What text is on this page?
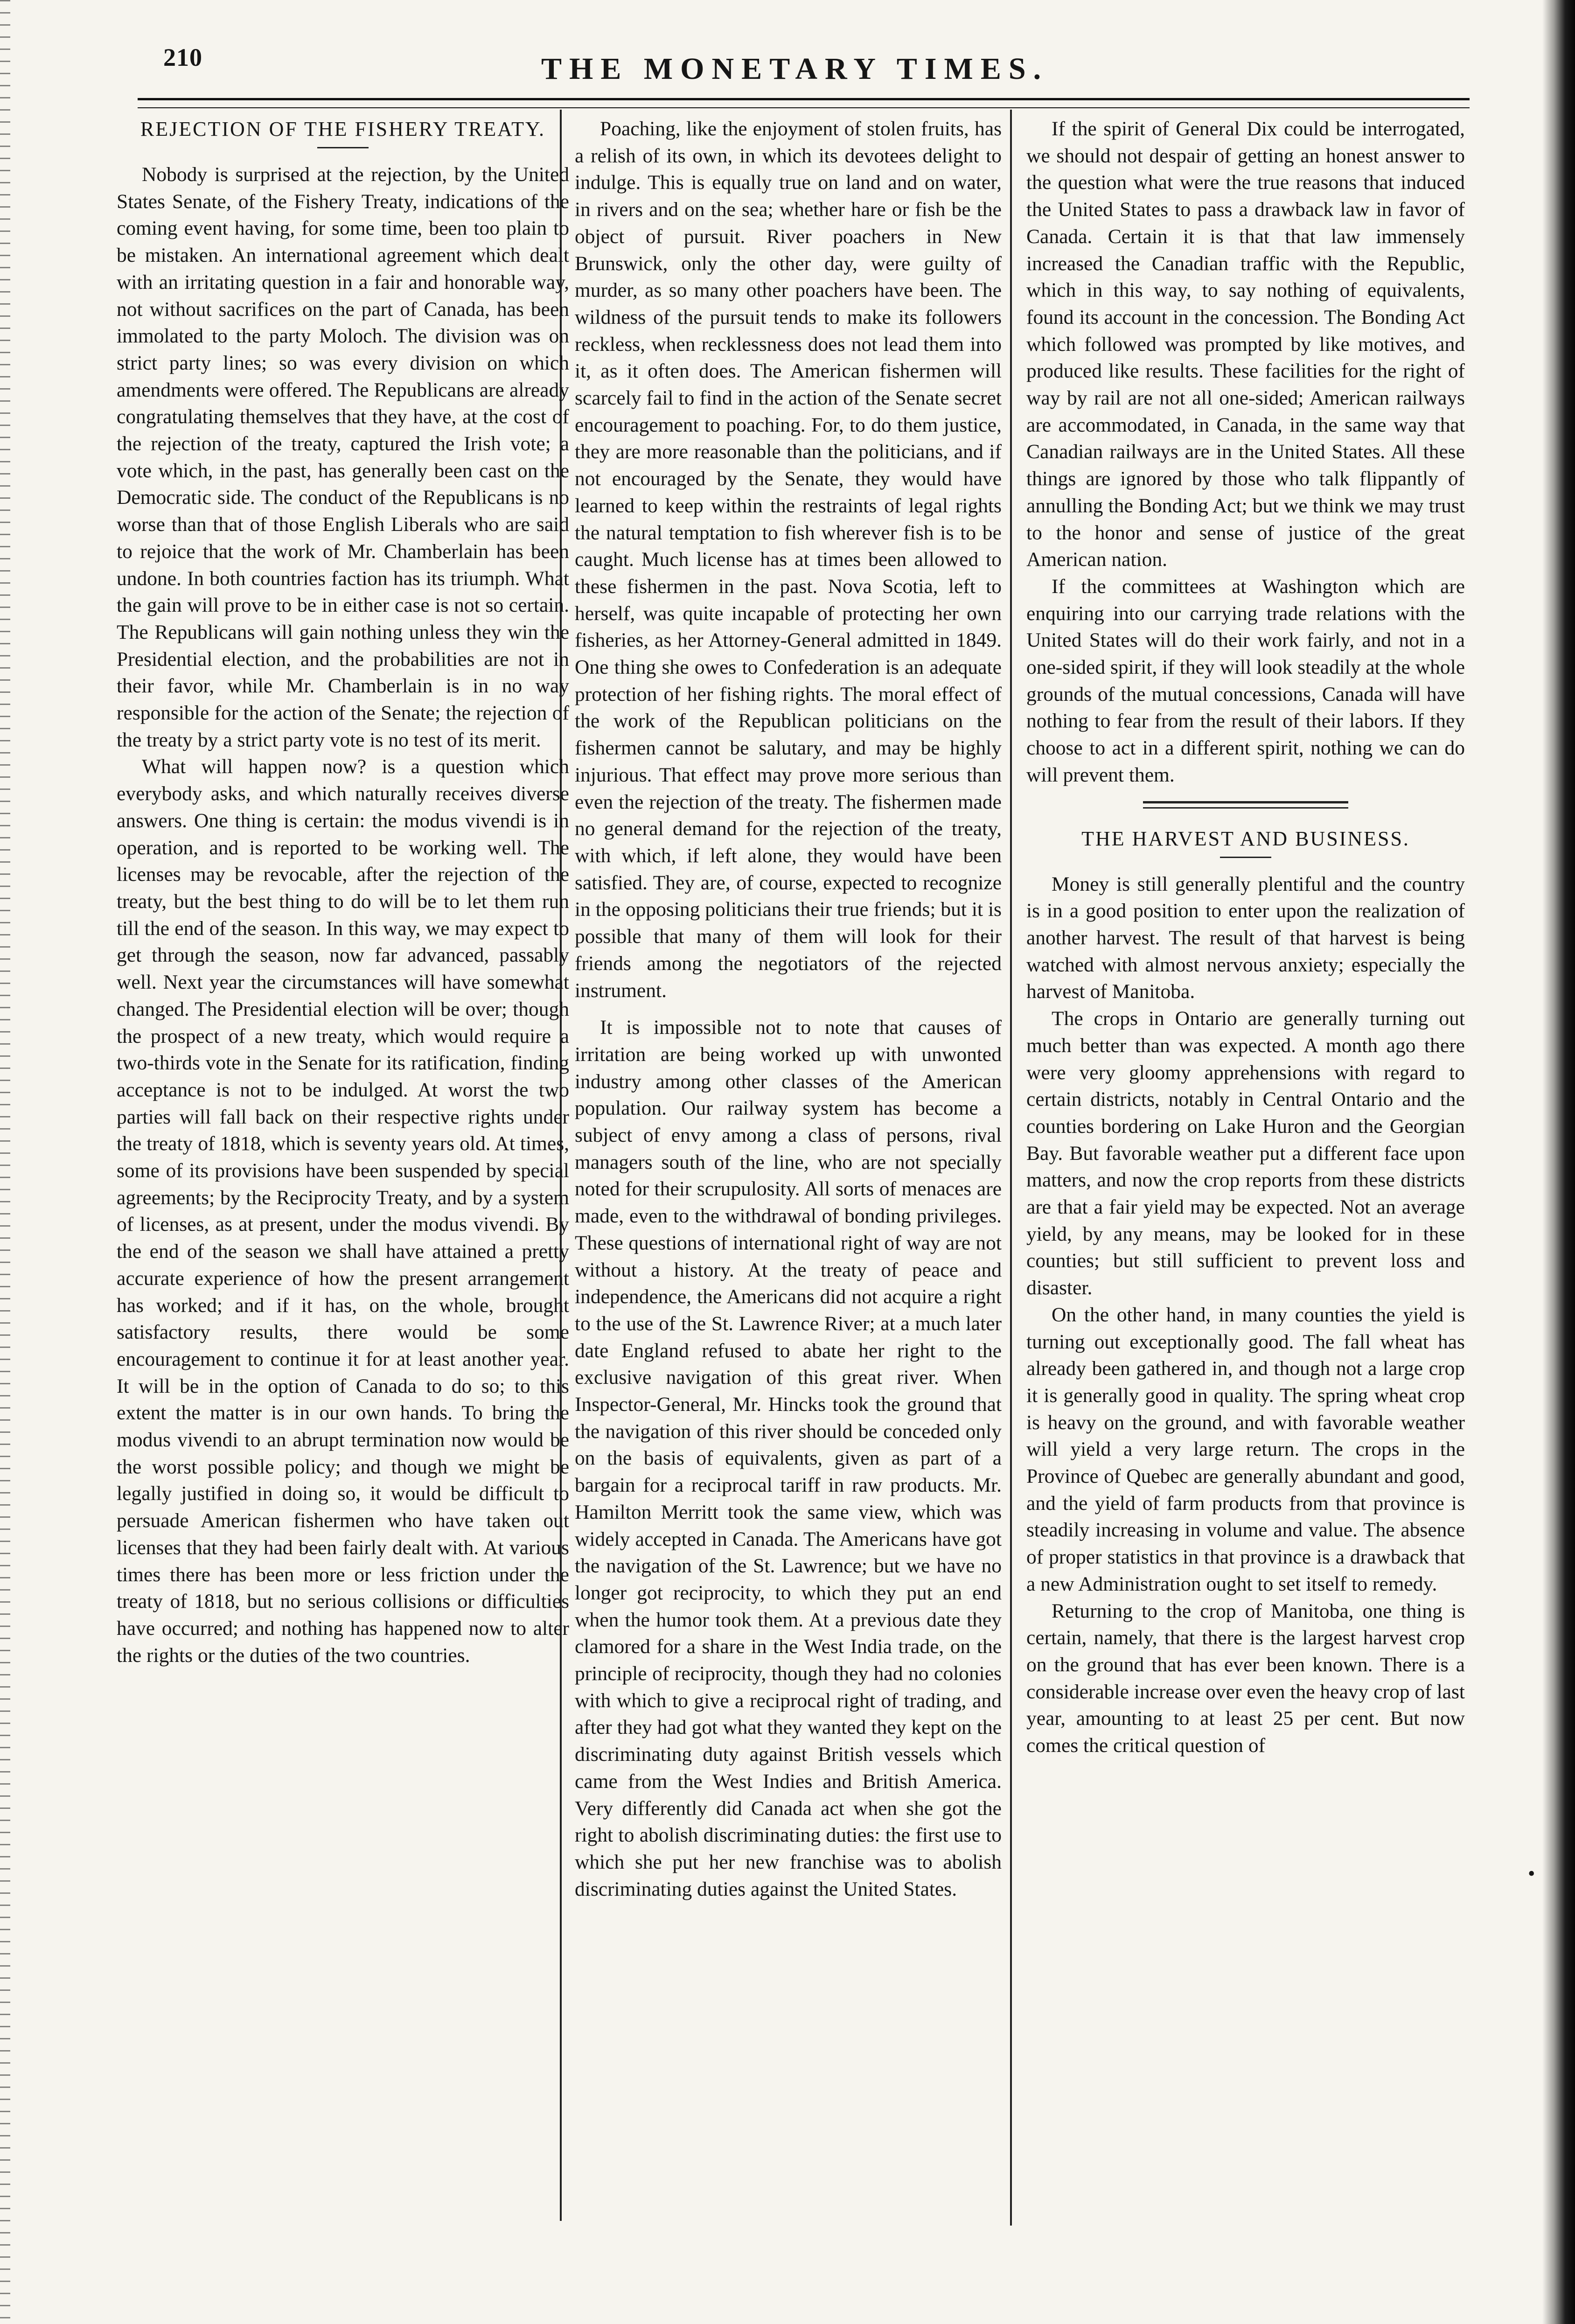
210	THE MONETARY TIMES.
REJECTION OF THE FISHERY TREATY.

Nobody is surprised at the rejection, by the United States Senate, of the Fishery Treaty, indications of the coming event having, for some time, been too plain to be mistaken. An international agreement which dealt with an irritating question in a fair and honorable way, not without sacrifices on the part of Canada, has been immolated to the party Moloch. The division was on strict party lines; so was every division on which amendments were offered. The Republicans are already congratulating themselves that they have, at the cost of the rejection of the treaty, captured the Irish vote; a vote which, in the past, has generally been cast on the Democratic side. The conduct of the Republicans is no worse than that of those English Liberals who are said to rejoice that the work of Mr. Chamberlain has been undone. In both countries faction has its triumph. What the gain will prove to be in either case is not so certain. The Republicans will gain nothing unless they win the Presidential election, and the probabilities are not in their favor, while Mr. Chamberlain is in no way responsible for the action of the Senate; the rejection of the treaty by a strict party vote is no test of its merit.

What will happen now? is a question which everybody asks, and which naturally receives diverse answers. One thing is certain: the modus vivendi is in operation, and is reported to be working well. The licenses may be revocable, after the rejection of the treaty, but the best thing to do will be to let them run till the end of the season. In this way, we may expect to get through the season, now far advanced, passably well. Next year the circumstances will have somewhat changed. The Presidential election will be over; though the prospect of a new treaty, which would require a two-thirds vote in the Senate for its ratification, finding acceptance is not to be indulged. At worst the two parties will fall back on their respective rights under the treaty of 1818, which is seventy years old. At times, some of its provisions have been suspended by special agreements; by the Reciprocity Treaty, and by a system of licenses, as at present, under the modus vivendi. By the end of the season we shall have attained a pretty accurate experience of how the present arrangement has worked; and if it has, on the whole, brought satisfactory results, there would be some encouragement to continue it for at least another year. It will be in the option of Canada to do so; to this extent the matter is in our own hands. To bring the modus vivendi to an abrupt termination now would be the worst possible policy; and though we might be legally justified in doing so, it would be difficult to persuade American fishermen who have taken out licenses that they had been fairly dealt with. At various times there has been more or less friction under the treaty of 1818, but no serious collisions or difficulties have occurred; and nothing has happened now to alter the rights or the duties of the two countries.

Poaching, like the enjoyment of stolen fruits, has a relish of its own, in which its devotees delight to indulge. This is equally true on land and on water, in rivers and on the sea; whether hare or fish be the object of pursuit. River poachers in New Brunswick, only the other day, were guilty of murder, as so many other poachers have been. The wildness of the pursuit tends to make its followers reckless, when recklessness does not lead them into it, as it often does. The American fishermen will scarcely fail to find in the action of the Senate secret encouragement to poaching. For, to do them justice, they are more reasonable than the politicians, and if not encouraged by the Senate, they would have learned to keep within the restraints of legal rights the natural temptation to fish wherever fish is to be caught. Much license has at times been allowed to these fishermen in the past. Nova Scotia, left to herself, was quite incapable of protecting her own fisheries, as her Attorney-General admitted in 1849. One thing she owes to Confederation is an adequate protection of her fishing rights. The moral effect of the work of the Republican politicians on the fishermen cannot be salutary, and may be highly injurious. That effect may prove more serious than even the rejection of the treaty. The fishermen made no general demand for the rejection of the treaty, with which, if left alone, they would have been satisfied. They are, of course, expected to recognize in the opposing politicians their true friends; but it is possible that many of them will look for their friends among the negotiators of the rejected instrument.

It is impossible not to note that causes of irritation are being worked up with unwonted industry among other classes of the American population. Our railway system has become a subject of envy among a class of persons, rival managers south of the line, who are not specially noted for their scrupulosity. All sorts of menaces are made, even to the withdrawal of bonding privileges. These questions of international right of way are not without a history. At the treaty of peace and independence, the Americans did not acquire a right to the use of the St. Lawrence River; at a much later date England refused to abate her right to the exclusive navigation of this great river. When Inspector-General, Mr. Hincks took the ground that the navigation of this river should be conceded only on the basis of equivalents, given as part of a bargain for a reciprocal tariff in raw products. Mr. Hamilton Merritt took the same view, which was widely accepted in Canada. The Americans have got the navigation of the St. Lawrence; but we have no longer got reciprocity, to which they put an end when the humor took them. At a previous date they clamored for a share in the West India trade, on the principle of reciprocity, though they had no colonies with which to give a reciprocal right of trading, and after they had got what they wanted they kept on the discriminating duty against British vessels which came from the West Indies and British America. Very differently did Canada act when she got the right to abolish discriminating duties: the first use to which she put her new franchise was to abolish discriminating duties against the United States.

If the spirit of General Dix could be interrogated, we should not despair of getting an honest answer to the question what were the true reasons that induced the United States to pass a drawback law in favor of Canada. Certain it is that that law immensely increased the Canadian traffic with the Republic, which in this way, to say nothing of equivalents, found its account in the concession. The Bonding Act which followed was prompted by like motives, and produced like results. These facilities for the right of way by rail are not all one-sided; American railways are accommodated, in Canada, in the same way that Canadian railways are in the United States. All these things are ignored by those who talk flippantly of annulling the Bonding Act; but we think we may trust to the honor and sense of justice of the great American nation.

If the committees at Washington which are enquiring into our carrying trade relations with the United States will do their work fairly, and not in a one-sided spirit, if they will look steadily at the whole grounds of the mutual concessions, Canada will have nothing to fear from the result of their labors. If they choose to act in a different spirit, nothing we can do will prevent them.

THE HARVEST AND BUSINESS.

Money is still generally plentiful and the country is in a good position to enter upon the realization of another harvest. The result of that harvest is being watched with almost nervous anxiety; especially the harvest of Manitoba.

The crops in Ontario are generally turning out much better than was expected. A month ago there were very gloomy apprehensions with regard to certain districts, notably in Central Ontario and the counties bordering on Lake Huron and the Georgian Bay. But favorable weather put a different face upon matters, and now the crop reports from these districts are that a fair yield may be expected. Not an average yield, by any means, may be looked for in these counties; but still sufficient to prevent loss and disaster.

On the other hand, in many counties the yield is turning out exceptionally good. The fall wheat has already been gathered in, and though not a large crop it is generally good in quality. The spring wheat crop is heavy on the ground, and with favorable weather will yield a very large return. The crops in the Province of Quebec are generally abundant and good, and the yield of farm products from that province is steadily increasing in volume and value. The absence of proper statistics in that province is a drawback that a new Administration ought to set itself to remedy.

Returning to the crop of Manitoba, one thing is certain, namely, that there is the largest harvest crop on the ground that has ever been known. There is a considerable increase over even the heavy crop of last year, amounting to at least 25 per cent. But now comes the critical question of

•
